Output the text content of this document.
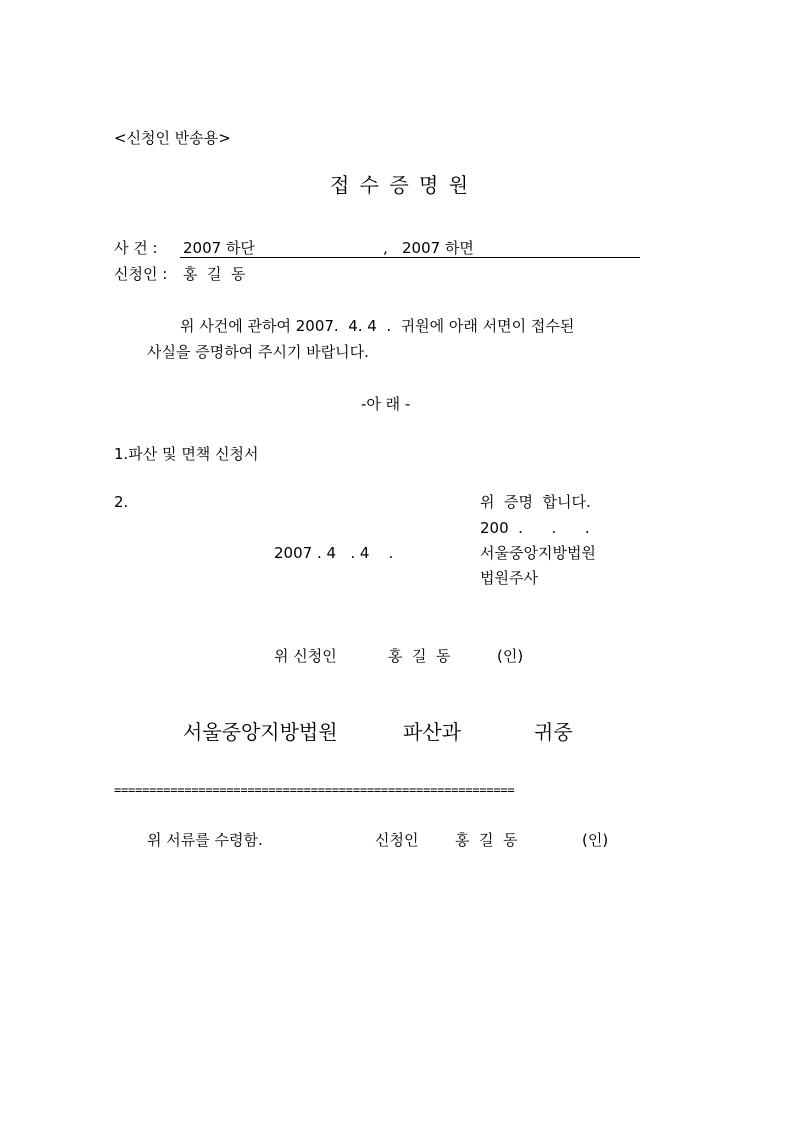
<신청인 반송용>
접 수 증 명 원
사 건 : 2007 하단	, 2007 하면
신청인 : 홍  길  동
위 사건에 관하여 2007.  4. 4  .  귀원에 아래 서면이 접수된
사실을 증명하여 주시기 바랍니다.
-아 래 -
1.파산 및 면책 신청서
2.	위  증명  합니다.
200  .      .      .
2007 . 4   . 4    .	서울중앙지방법원
법원주사
위 신청인	홍  길  동	(인)
서울중앙지방법원	파산과	귀중
=========================================================
위 서류를 수령함.	신청인 홍  길  동	(인)
